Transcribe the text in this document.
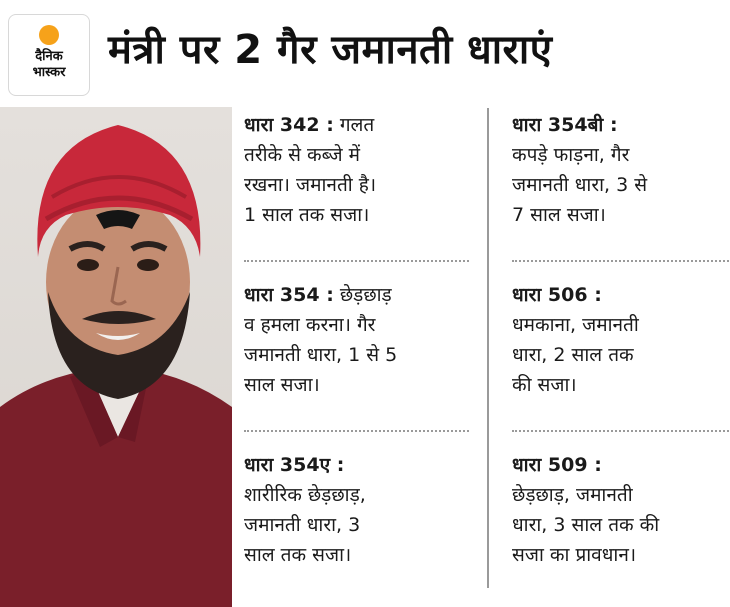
दैनिक
भास्कर	मंत्री पर 2 गैर जमानती धाराएं
धारा 342 : गलत
तरीके से कब्जे में
रखना। जमानती है।
1 साल तक सजा।
धारा 354 : छेड़छाड़
व हमला करना। गैर
जमानती धारा, 1 से 5
साल सजा।
धारा 354ए :
शारीरिक छेड़छाड़,
जमानती धारा, 3
साल तक सजा।
धारा 354बी :
कपड़े फाड़ना, गैर
जमानती धारा, 3 से
7 साल सजा।
धारा 506 :
धमकाना, जमानती
धारा, 2 साल तक
की सजा।
धारा 509 :
छेड़छाड़, जमानती
धारा, 3 साल तक की
सजा का प्रावधान।
